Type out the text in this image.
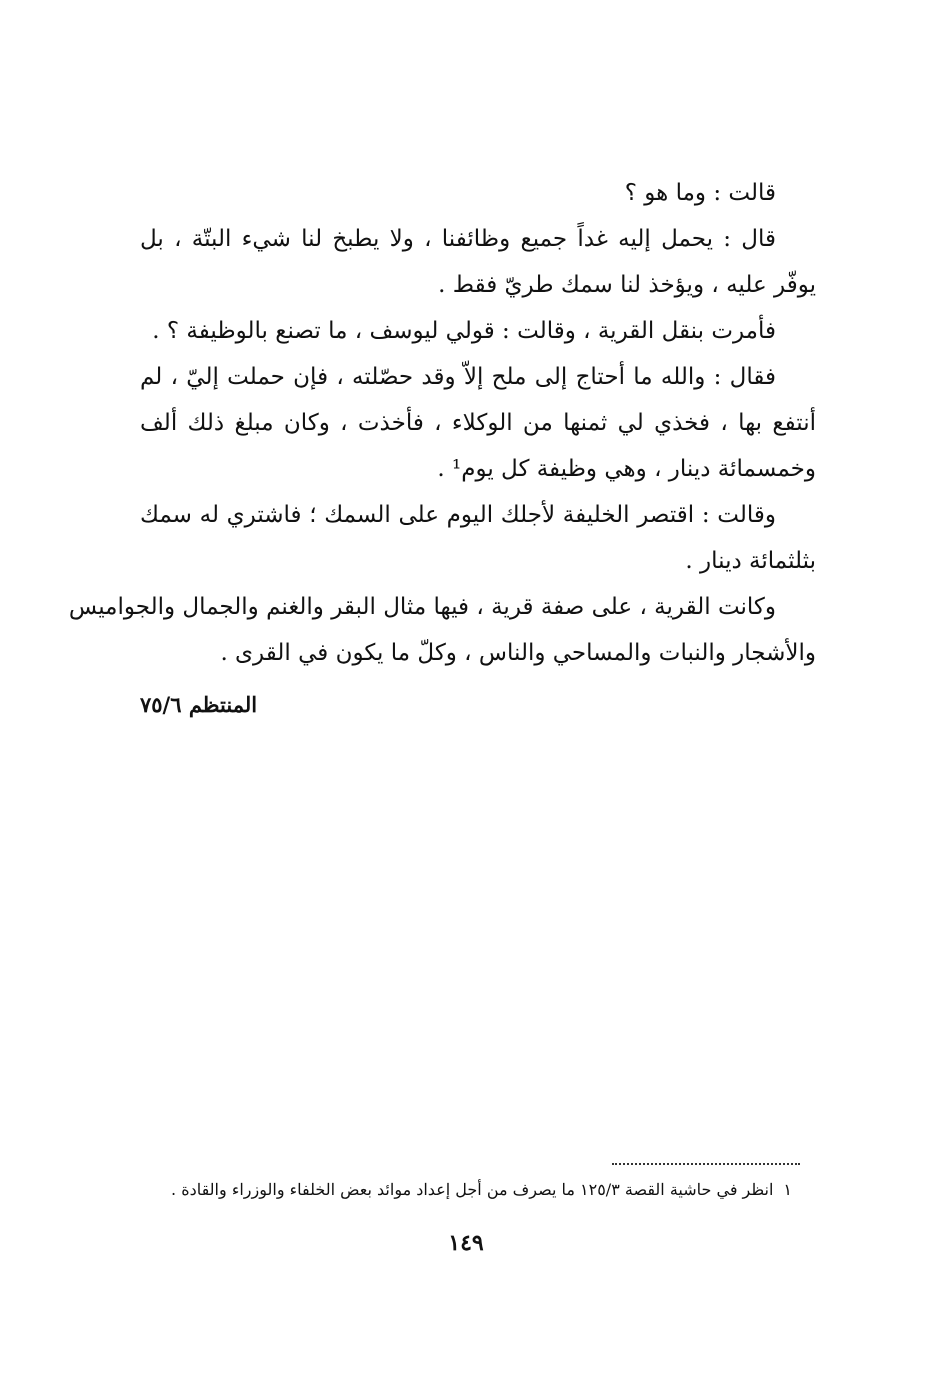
قالت : وما هو ؟
قال : يحمل إليه غداً جميع وظائفنا ، ولا يطبخ لنا شيء البتّة ، بل
يوفّر عليه ، ويؤخذ لنا سمك طريّ فقط .
فأمرت بنقل القرية ، وقالت : قولي ليوسف ، ما تصنع بالوظيفة ؟ .
فقال : والله ما أحتاج إلى ملح إلاّ وقد حصّلته ، فإن حملت إليّ ، لم
أنتفع بها ، فخذي لي ثمنها من الوكلاء ، فأخذت ، وكان مبلغ ذلك ألف
وخمسمائة دينار ، وهي وظيفة كل يوم¹ .
وقالت : اقتصر الخليفة لأجلك اليوم على السمك ؛ فاشتري له سمك
بثلثمائة دينار .
وكانت القرية ، على صفة قرية ، فيها مثال البقر والغنم والجمال والجواميس
والأشجار والنبات والمساحي والناس ، وكلّ ما يكون في القرى .
المنتظم ٧٥/٦
١انظر في حاشية القصة ١٢٥/٣ ما يصرف من أجل إعداد موائد بعض الخلفاء والوزراء والقادة .
١٤٩
